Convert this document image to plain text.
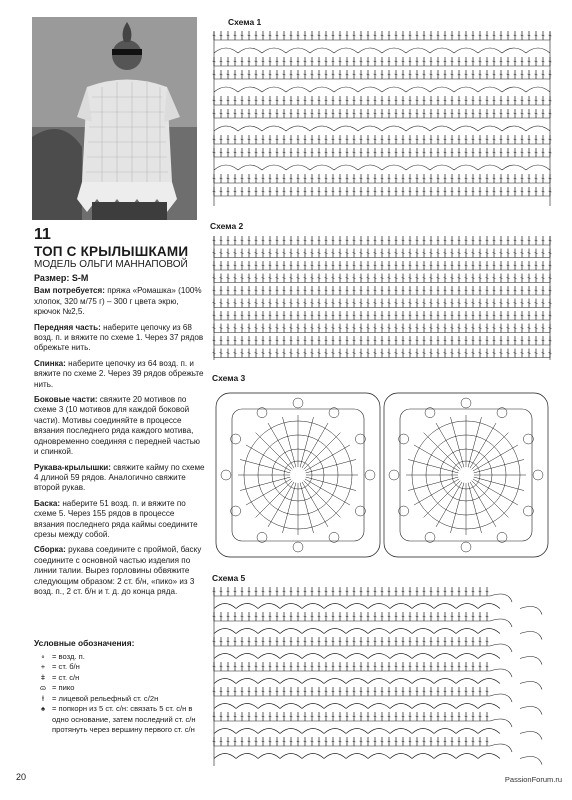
11
ТОП С КРЫЛЫШКАМИ
МОДЕЛЬ ОЛЬГИ МАННАПОВОЙ
Размер: S-M

Вам потребуется: пряжа «Ромашка» (100% хлопок, 320 м/75 г) – 300 г цвета экрю, крючок №2,5.

Передняя часть: наберите цепочку из 68 возд. п. и вяжите по схеме 1. Через 37 рядов обрежьте нить.

Спинка: наберите цепочку из 64 возд. п. и вяжите по схеме 2. Через 39 рядов обрежьте нить.

Боковые части: свяжите 20 мотивов по схеме 3 (10 мотивов для каждой боковой части). Мотивы соединяйте в процессе вязания последнего ряда каждого мотива, одновременно соединяя с передней частью и спинкой.

Рукава-крылышки: свяжите кайму по схеме 4 длиной 59 рядов. Аналогично свяжите второй рукав.

Баска: наберите 51 возд. п. и вяжите по схеме 5. Через 155 рядов в процессе вязания последнего ряда каймы соедините срезы между собой.

Сборка: рукава соедините с проймой, баску соедините с основной частью изделия по линии талии. Вырез горловины обвяжите следующим образом: 2 ст. б/н, «пико» из 3 возд. п., 2 ст. б/н и т. д. до конца ряда.

Условные обозначения:
∘ = возд. п.
+ = ст. б/н
ǂ = ст. с/н
ɷ = пико
ⱡ	= лицевой рельефный ст. с/2н
♠ = попкорн из 5 ст. с/н: связать 5 ст. с/н в одно основание, затем последний ст. с/н протянуть через вершину первого ст. с/н
Схема 1
Схема 2
Схема 3
Схема 5
20	PassionForum.ru
